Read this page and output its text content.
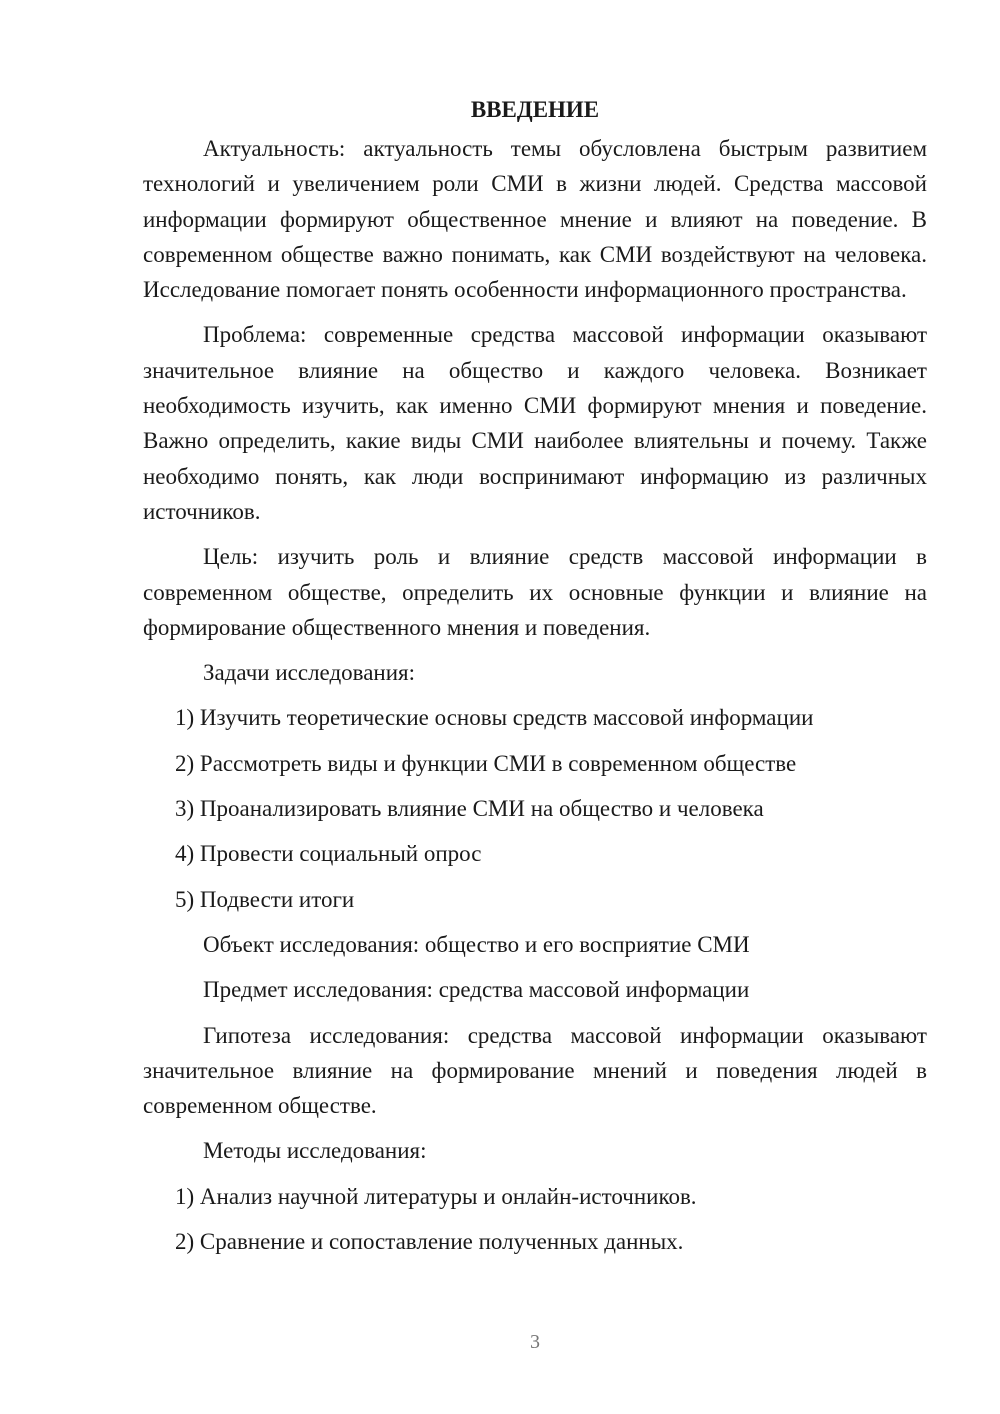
ВВЕДЕНИЕ

Актуальность: актуальность темы обусловлена быстрым развитием технологий и увеличением роли СМИ в жизни людей. Средства массовой информации формируют общественное мнение и влияют на поведение. В современном обществе важно понимать, как СМИ воздействуют на человека. Исследование помогает понять особенности информационного пространства.

Проблема: современные средства массовой информации оказывают значительное влияние на общество и каждого человека. Возникает необходимость изучить, как именно СМИ формируют мнения и поведение. Важно определить, какие виды СМИ наиболее влиятельны и почему. Также необходимо понять, как люди воспринимают информацию из различных источников.

Цель: изучить роль и влияние средств массовой информации в современном обществе, определить их основные функции и влияние на формирование общественного мнения и поведения.

Задачи исследования:

1) Изучить теоретические основы средств массовой информации

2) Рассмотреть виды и функции СМИ в современном обществе

3) Проанализировать влияние СМИ на общество и человека

4) Провести социальный опрос

5) Подвести итоги

Объект исследования: общество и его восприятие СМИ

Предмет исследования: средства массовой информации

Гипотеза исследования: средства массовой информации оказывают значительное влияние на формирование мнений и поведения людей в современном обществе.

Методы исследования:

1) Анализ научной литературы и онлайн-источников.

2) Сравнение и сопоставление полученных данных.

3
